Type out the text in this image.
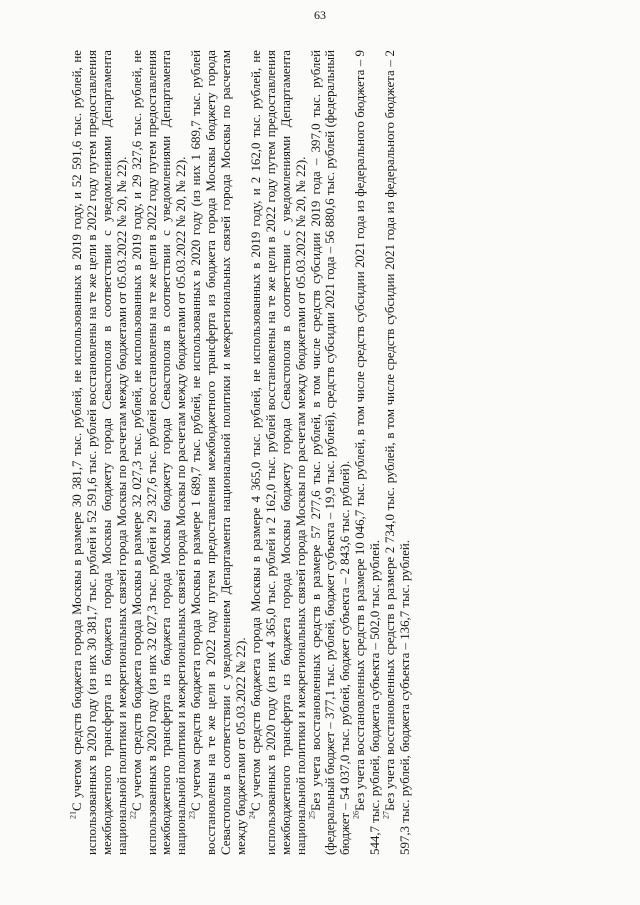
63

$^{21}$С учетом средств бюджета города Москвы в размере 30 381,7 тыс. рублей, не использованных в 2019 году, и 52 591,6 тыс. рублей, не использованных в 2020 году (из них 30 381,7 тыс. рублей и 52 591,6 тыс. рублей восстановлены на те же цели в 2022 году путем предоставления межбюджетного трансферта из бюджета города Москвы бюджету города Севастополя в соответствии с уведомлениями Департамента национальной политики и межрегиональных связей города Москвы по расчетам между бюджетами от 05.03.2022 № 20, № 22). $^{22}$С учетом средств бюджета города Москвы в размере 32 027,3 тыс. рублей, не использованных в 2019 году, и 29 327,6 тыс. рублей, не использованных в 2020 году (из них 32 027,3 тыс. рублей и 29 327,6 тыс. рублей восстановлены на те же цели в 2022 году путем предоставления межбюджетного трансферта из бюджета города Москвы бюджету города Севастополя в соответствии с уведомлениями Департамента национальной политики и межрегиональных связей города Москвы по расчетам между бюджетами от 05.03.2022 № 20, № 22). $^{23}$С учетом средств бюджета города Москвы в размере 1 689,7 тыс. рублей, не использованных в 2020 году (из них 1 689,7 тыс. рублей восстановлены на те же цели в 2022 году путем предоставления межбюджетного трансферта из бюджета города Москвы бюджету города Севастополя в соответствии с уведомлением Департамента национальной политики и межрегиональных связей города Москвы по расчетам между бюджетами от 05.03.2022 № 22). $^{24}$С учетом средств бюджета города Москвы в размере 4 365,0 тыс. рублей, не использованных в 2019 году, и 2 162,0 тыс. рублей, не использованных в 2020 году (из них 4 365,0 тыс. рублей и 2 162,0 тыс. рублей восстановлены на те же цели в 2022 году путем предоставления межбюджетного трансферта из бюджета города Москвы бюджету города Севастополя в соответствии с уведомлениями Департамента национальной политики и межрегиональных связей города Москвы по расчетам между бюджетами от 05.03.2022 № 20, № 22). $^{25}$Без учета восстановленных средств в размере 57 277,6 тыс. рублей, в том числе средств субсидии 2019 года – 397,0 тыс. рублей (федеральный бюджет – 377,1 тыс. рублей, бюджет субъекта – 19,9 тыс. рублей), средств субсидии 2021 года – 56 880,6 тыс. рублей (федеральный бюджет – 54 037,0 тыс. рублей, бюджет субъекта – 2 843,6 тыс. рублей). $^{26}$Без учета восстановленных средств в размере 10 046,7 тыс. рублей, в том числе средств субсидии 2021 года из федерального бюджета – 9 544,7 тыс. рублей, бюджета субъекта – 502,0 тыс. рублей. $^{27}$Без учета восстановленных средств в размере 2 734,0 тыс. рублей, в том числе средств субсидии 2021 года из федерального бюджета – 2 597,3 тыс. рублей, бюджета субъекта – 136,7 тыс. рублей.
